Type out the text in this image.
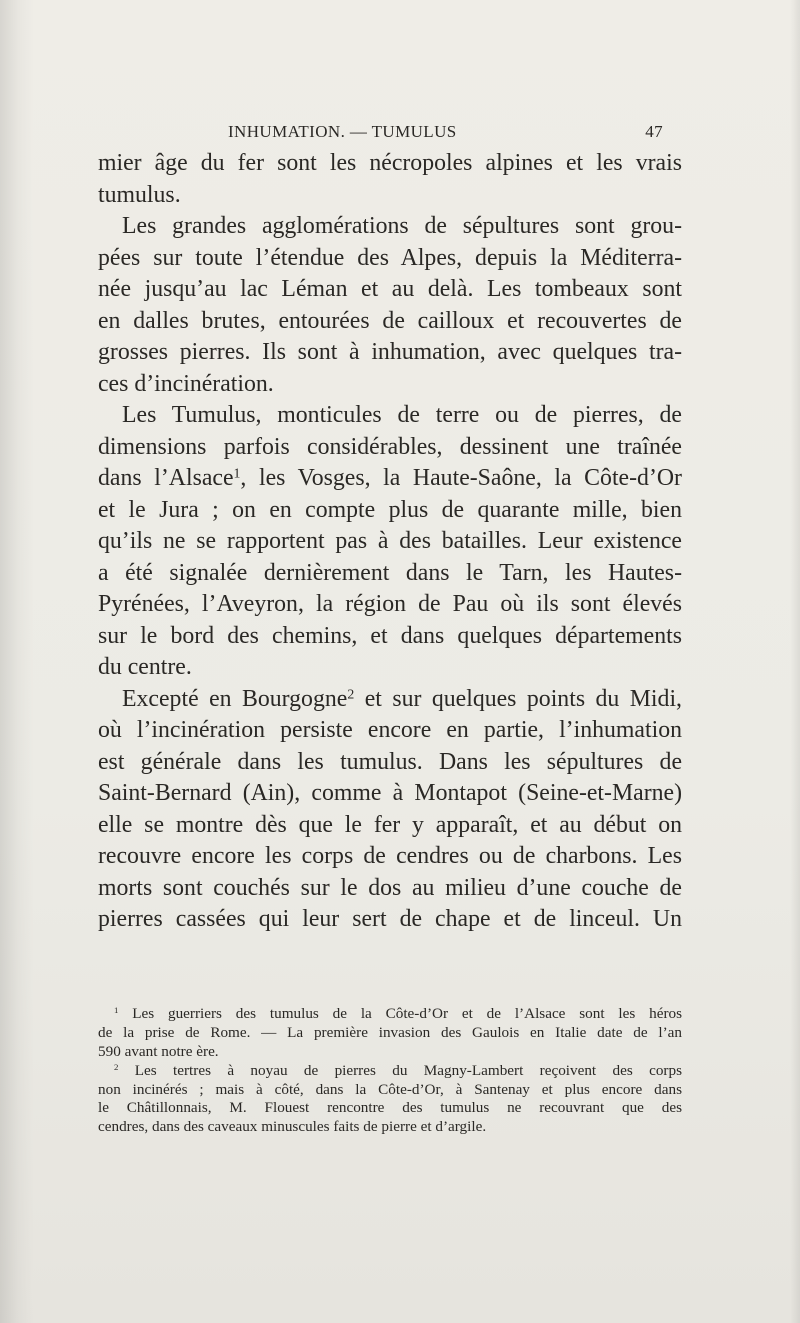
INHUMATION. — TUMULUS	47
mier âge du fer sont les nécropoles alpines et les vrais
tumulus.
Les grandes agglomérations de sépultures sont grou-
pées sur toute l’étendue des Alpes, depuis la Méditerra-
née jusqu’au lac Léman et au delà. Les tombeaux sont
en dalles brutes, entourées de cailloux et recouvertes de
grosses pierres. Ils sont à inhumation, avec quelques tra-
ces d’incinération.
Les Tumulus, monticules de terre ou de pierres, de
dimensions parfois considérables, dessinent une traînée
dans l’Alsace$^1$, les Vosges, la Haute-Saône, la Côte-d’Or
et le Jura ; on en compte plus de quarante mille, bien
qu’ils ne se rapportent pas à des batailles. Leur existence
a été signalée dernièrement dans le Tarn, les Hautes-
Pyrénées, l’Aveyron, la région de Pau où ils sont élevés
sur le bord des chemins, et dans quelques départements
du centre.
Excepté en Bourgogne$^2$ et sur quelques points du Midi,
où l’incinération persiste encore en partie, l’inhumation
est générale dans les tumulus. Dans les sépultures de
Saint-Bernard (Ain), comme à Montapot (Seine-et-Marne)
elle se montre dès que le fer y apparaît, et au début on
recouvre encore les corps de cendres ou de charbons. Les
morts sont couchés sur le dos au milieu d’une couche de
pierres cassées qui leur sert de chape et de linceul. Un
$^1$ Les guerriers des tumulus de la Côte-d’Or et de l’Alsace sont les héros
de la prise de Rome. — La première invasion des Gaulois en Italie date de l’an
590 avant notre ère.
$^2$ Les tertres à noyau de pierres du Magny-Lambert reçoivent des corps
non incinérés ; mais à côté, dans la Côte-d’Or, à Santenay et plus encore dans
le Châtillonnais, M. Flouest rencontre des tumulus ne recouvrant que des
cendres, dans des caveaux minuscules faits de pierre et d’argile.
